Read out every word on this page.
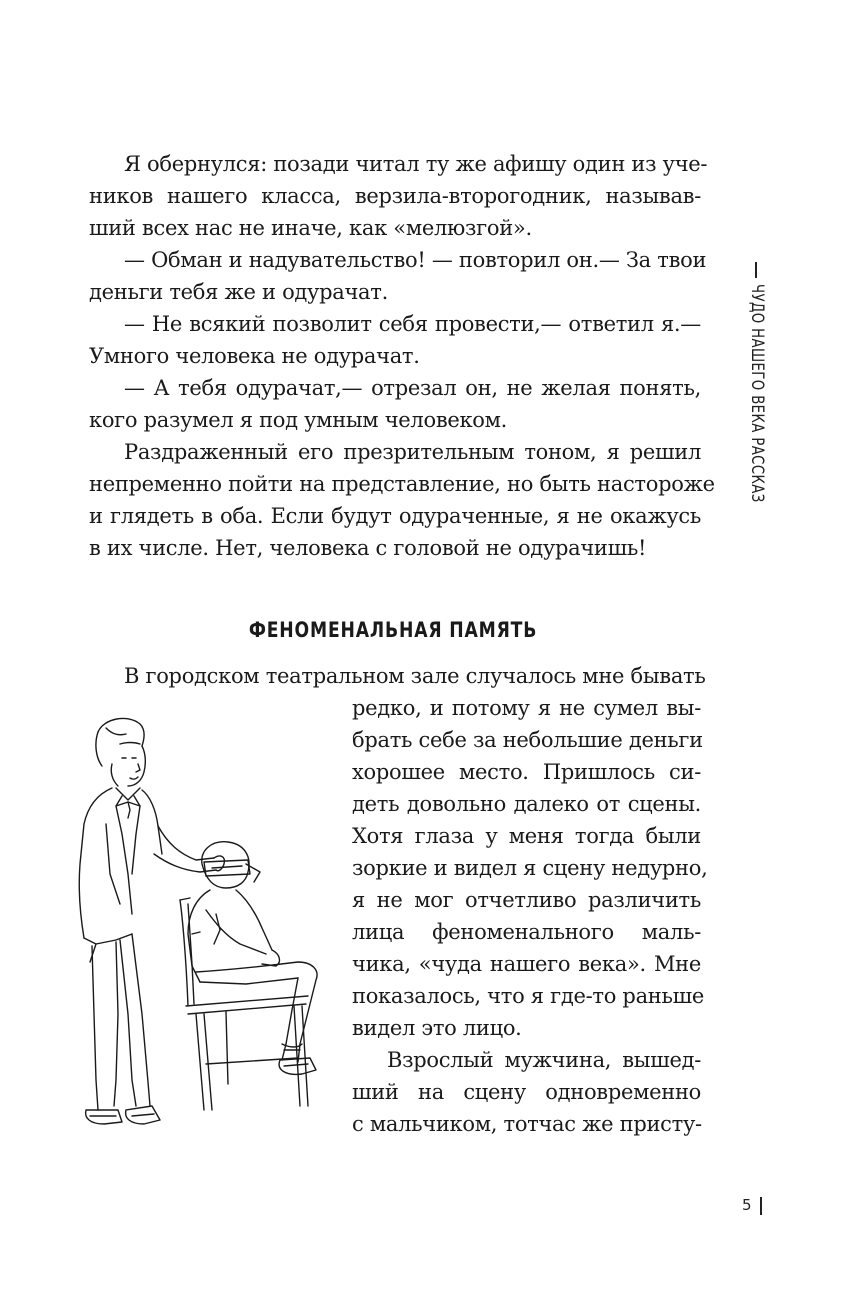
Я обернулся: позади читал ту же афишу один из уче-
ников нашего класса, верзила-второгодник, называв-
ший всех нас не иначе, как «мелюзгой».
— Обман и надувательство! — повторил он.— За твои
деньги тебя же и одурачат.
— Не всякий позволит себя провести,— ответил я.—
Умного человека не одурачат.
— А тебя одурачат,— отрезал он, не желая понять,
кого разумел я под умным человеком.
Раздраженный его презрительным тоном, я решил
непременно пойти на представление, но быть настороже
и глядеть в оба. Если будут одураченные, я не окажусь
в их числе. Нет, человека с головой не одурачишь!
ФЕНОМЕНАЛЬНАЯ ПАМЯТЬ
В городском театральном зале случалось мне бывать
редко, и потому я не сумел вы-
брать себе за небольшие деньги
хорошее место. Пришлось си-
деть довольно далеко от сцены.
Хотя глаза у меня тогда были
зоркие и видел я сцену недурно,
я не мог отчетливо различить
лица феноменального маль-
чика, «чуда нашего века». Мне
показалось, что я где-то раньше
видел это лицо.
Взрослый мужчина, вышед-
ший на сцену одновременно
с мальчиком, тотчас же присту-
ЧУДО НАШЕГО ВЕКА РАССКАЗ
5
